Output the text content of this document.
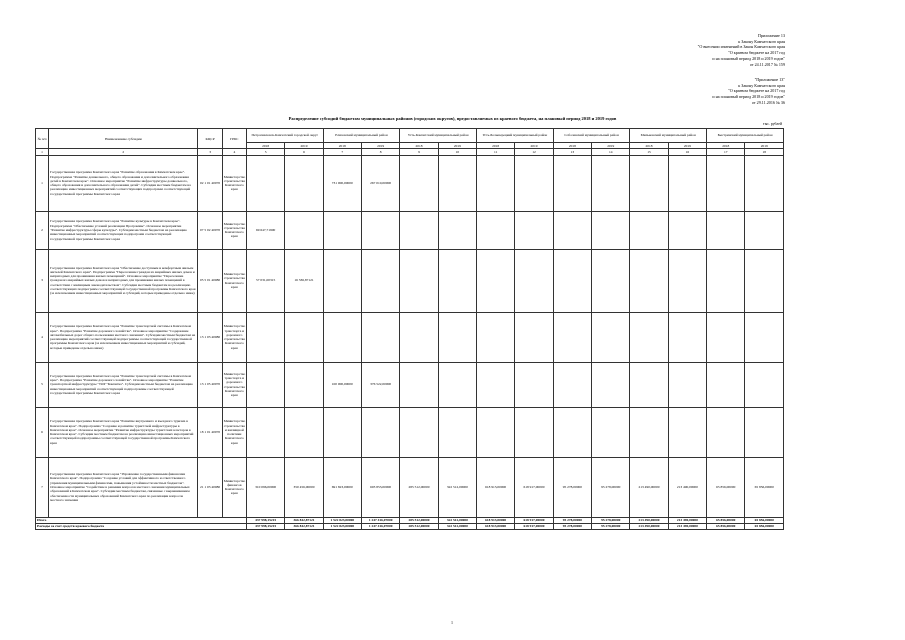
Приложение 13
к Закону Камчатского края
"О внесении изменений в Закон Камчатского края
"О краевом бюджете на 2017 год
и на плановый период 2018 и 2019 годов"
от 24.11.2017 № 159
"Приложение 13"
к Закону Камчатского края
"О краевом бюджете на 2017 год
и на плановый период 2018 и 2019 годов"
от 29.11.2016 № 36
Распределение субсидий бюджетам муниципальных районов (городских округов), предоставляемых из краевого бюджета, на плановый период 2018 и 2019 годов
тыс. рублей
№ п/п	Наименование субсидии	КЦСР	ГРБС	Петропавловск-Камчатский городской округ		Елизовский муниципальный район		Усть-Камчатский муниципальный район		Усть-Большерецкий муниципальный район		Соболевский муниципальный район		Мильковский муниципальный район		Быстринский муниципальный район	
				2018	2019	2018	2019	2018	2019	2018	2019	2018	2019	2018	2019	2018	2019
1	2	3	4	5	6	7	8	9	10	11	12	13	14	15	16	17	18
1	Государственная программа Камчатского края "Развитие образования в Камчатском крае". Подпрограмма "Развитие дошкольного, общего образования и дополнительного образования детей в Камчатском крае". Основное мероприятие "Развитие инфраструктуры дошкольного, общего образования и дополнительного образования детей". Субсидии местным бюджетам на реализацию инвестиционных мероприятий соответствующих подпрограмм соответствующей государственной программы Камчатского края	02 1 01 40070	Министерство строительства Камчатского края			731 000,00000	267 010,00000										
2	Государственная программа Камчатского края "Развитие культуры в Камчатском крае". Подпрограмма "Обеспечение условий реализации Программы". Основное мероприятие "Развитие инфраструктуры сферы культуры". Субсидии местным бюджетам на реализацию инвестиционных мероприятий соответствующих подпрограмм соответствующей государственной программы Камчатского края	07 5 02 40070	Министерство строительства Камчатского края	69 647,71900													
3	Государственная программа Камчатского края "Обеспечение доступным и комфортным жильем жителей Камчатского края". Подпрограмма "Переселение граждан из аварийных жилых домов и непригодных для проживания жилых помещений". Основное мероприятие "Переселение граждан из аварийных жилых домов и непригодных для проживания жилых помещений в соответствии с жилищным законодательством". Субсидии местным бюджетам на реализацию соответствующих подпрограмм соответствующей государственной программы Камчатского края (за исключением инвестиционных мероприятий и субсидий, которые приведены отдельно ниже)	05 5 01 40080	Министерство строительства Камчатского края	57 031,00315	16 336,87121												
4	Государственная программа Камчатского края "Развитие транспортной системы в Камчатском крае". Подпрограмма "Развитие дорожного хозяйства". Основное мероприятие "Содержание автомобильных дорог общего пользования местного значения". Субсидии местным бюджетам на реализацию мероприятий соответствующей подпрограммы соответствующей государственной программы Камчатского края (за исключением инвестиционных мероприятий и субсидий, которые приведены отдельно ниже)	13 1 03 40080	Министерство транспорта и дорожного строительства Камчатского края														
5	Государственная программа Камчатского края "Развитие транспортной системы в Камчатском крае". Подпрограмма "Развитие дорожного хозяйства". Основное мероприятие "Развитие транспортной инфраструктуры "ТОР "Камчатка". Субсидии местным бюджетам на реализацию инвестиционных мероприятий соответствующей подпрограммы соответствующей государственной программы Камчатского края	13 1 05 40070	Министерство транспорта и дорожного строительства Камчатского края			100 000,00000	376 522,00000										
6	Государственная программа Камчатского края "Развитие внутреннего и въездного туризма в Камчатском крае". Подпрограмма "Создание и развитие туристской инфраструктуры в Камчатском крае". Основное мероприятие "Развитие инфраструктуры туристских кластеров в Камчатском крае". Субсидии местным бюджетам на реализацию инвестиционных мероприятий соответствующей подпрограммы соответствующей государственной программы Камчатского края	18 1 01 40070	Министерство строительства и жилищной политики Камчатского края														
7	Государственная программа Камчатского края "Управление государственными финансами Камчатского края". Подпрограмма "Создание условий для эффективного и ответственного управления муниципальными финансами, повышения устойчивости местных бюджетов". Основное мероприятие "Содействие в решении вопросов местного значения муниципальных образований в Камчатском крае". Субсидии местным бюджетам, связанные с выравниванием обеспеченности муниципальных образований Камчатского края по реализации вопросов местного значения	21 1 03 40080	Министерство финансов Камчатского края	310 096,00000	350 456,00000	691 823,00000	603 853,00000	285 512,00000	322 512,00000	618 913,00000	618 917,00000	95 278,00000	95 278,00000	213 490,00000	213 490,00000	65 856,00000	65 856,00000
Итого				437 998,15215	366 842,87121	1 522 823,00000	1 247 416,07000	285 512,00000	322 512,00000	618 913,00000	618 917,00000	95 278,00000	95 278,00000	213 490,00000	213 490,00000	65 856,00000	65 856,00000
Расходы за счет средств краевого бюджета				437 998,15215	366 842,87121	1 522 823,00000	1 247 416,07000	285 512,00000	322 512,00000	618 913,00000	618 917,00000	95 278,00000	95 278,00000	213 490,00000	213 490,00000	65 856,00000	65 856,00000
1
